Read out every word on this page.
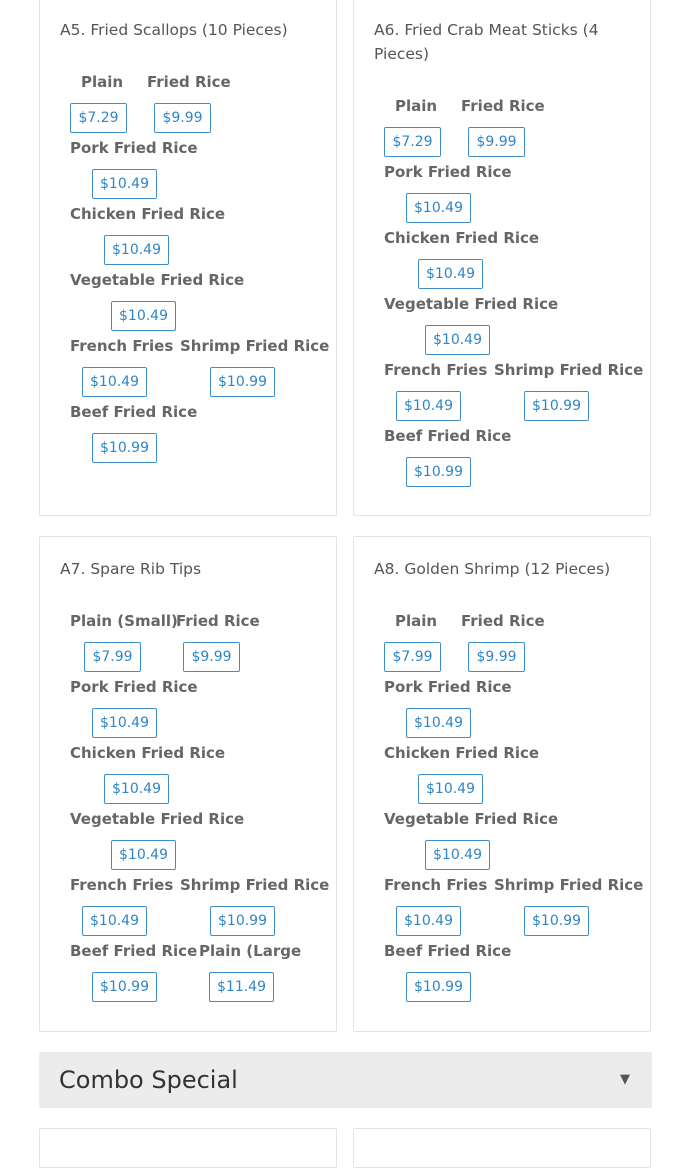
A5. Fried Scallops (10 Pieces)
Plain
$7.29
Fried Rice
$9.99
Pork Fried Rice
$10.49
Chicken Fried Rice
$10.49
Vegetable Fried Rice
$10.49
French Fries
$10.49
Shrimp Fried Rice
$10.99
Beef Fried Rice
$10.99
A6. Fried Crab Meat Sticks (4 Pieces)
Plain
$7.29
Fried Rice
$9.99
Pork Fried Rice
$10.49
Chicken Fried Rice
$10.49
Vegetable Fried Rice
$10.49
French Fries
$10.49
Shrimp Fried Rice
$10.99
Beef Fried Rice
$10.99
A7. Spare Rib Tips
Plain (Small)
$7.99
Fried Rice
$9.99
Pork Fried Rice
$10.49
Chicken Fried Rice
$10.49
Vegetable Fried Rice
$10.49
French Fries
$10.49
Shrimp Fried Rice
$10.99
Beef Fried Rice
$10.99
Plain (Large
$11.49
A8. Golden Shrimp (12 Pieces)
Plain
$7.99
Fried Rice
$9.99
Pork Fried Rice
$10.49
Chicken Fried Rice
$10.49
Vegetable Fried Rice
$10.49
French Fries
$10.49
Shrimp Fried Rice
$10.99
Beef Fried Rice
$10.99
Combo Special	▼
